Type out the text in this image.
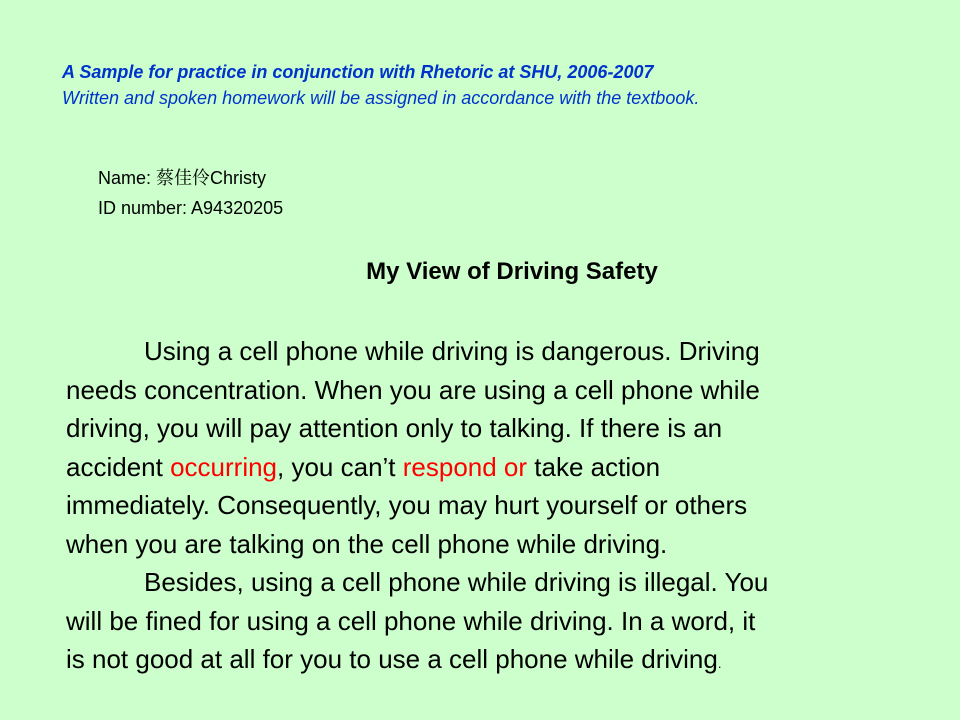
A Sample for practice in conjunction with Rhetoric at SHU, 2006-2007
Written and spoken homework will be assigned in accordance with the textbook.
Name: 蔡佳伶Christy
ID number: A94320205
My View of Driving Safety
Using a cell phone while driving is dangerous. Driving
needs concentration. When you are using a cell phone while
driving, you will pay attention only to talking. If there is an
accident occurring, you can’t respond or take action
immediately. Consequently, you may hurt yourself or others
when you are talking on the cell phone while driving.
Besides, using a cell phone while driving is illegal. You
will be fined for using a cell phone while driving. In a word, it
is not good at all for you to use a cell phone while driving.
